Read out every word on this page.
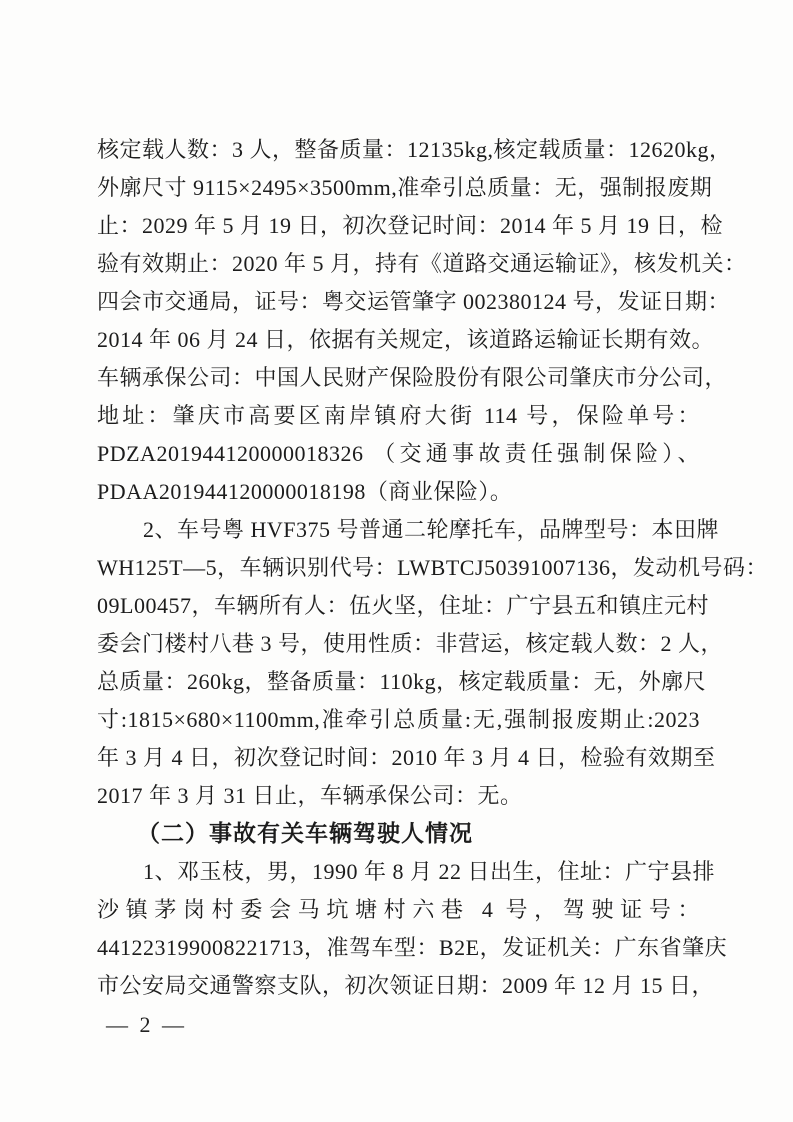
核定载人数：3 人，整备质量：12135kg,核定载质量：12620kg，
外廓尺寸 9115×2495×3500mm,准牵引总质量：无，强制报废期
止：2029 年 5 月 19 日，初次登记时间：2014 年 5 月 19 日，检
验有效期止：2020 年 5 月，持有《道路交通运输证》，核发机关：
四会市交通局，证号：粤交运管肇字 002380124 号，发证日期：
2014 年 06 月 24 日，依据有关规定，该道路运输证长期有效。
车辆承保公司：中国人民财产保险股份有限公司肇庆市分公司，
地址：肇庆市高要区南岸镇府大街 114 号，保险单号：
PDZA201944120000018326 （交通事故责任强制保险）、
PDAA201944120000018198（商业保险）。
2、车号粤 HVF375 号普通二轮摩托车，品牌型号：本田牌
WH125T—5，车辆识别代号：LWBTCJ50391007136，发动机号码：
09L00457，车辆所有人：伍火坚，住址：广宁县五和镇庄元村
委会门楼村八巷 3 号，使用性质：非营运，核定载人数：2 人，
总质量：260kg，整备质量：110kg，核定载质量：无，外廓尺
寸:1815×680×1100mm,准牵引总质量:无,强制报废期止:2023
年 3 月 4 日，初次登记时间：2010 年 3 月 4 日，检验有效期至
2017 年 3 月 31 日止，车辆承保公司：无。
（二）事故有关车辆驾驶人情况
1、邓玉枝，男，1990 年 8 月 22 日出生，住址：广宁县排
沙镇茅岗村委会马坑塘村六巷 4 号，驾驶证号：
441223199008221713，准驾车型：B2E，发证机关：广东省肇庆
市公安局交通警察支队，初次领证日期：2009 年 12 月 15 日，
— 2 —
